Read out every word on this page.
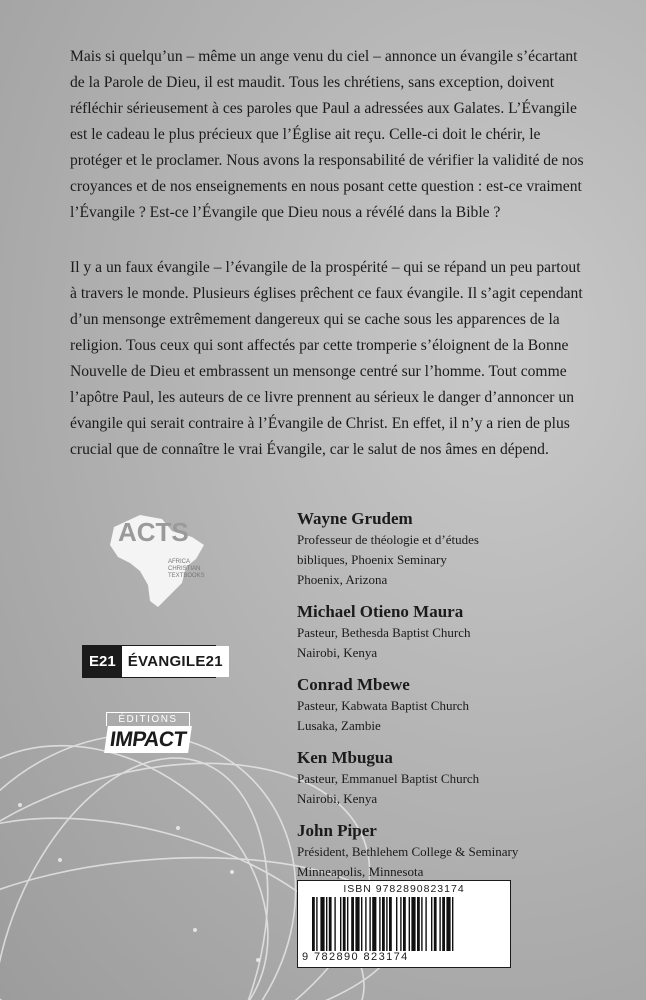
Mais si quelqu’un – même un ange venu du ciel – annonce un évangile s’écartant de la Parole de Dieu, il est maudit. Tous les chrétiens, sans exception, doivent réfléchir sérieusement à ces paroles que Paul a adressées aux Galates. L’Évangile est le cadeau le plus précieux que l’Église ait reçu. Celle-ci doit le chérir, le protéger et le proclamer. Nous avons la responsabilité de vérifier la validité de nos croyances et de nos enseignements en nous posant cette question : est-ce vraiment l’Évangile ? Est-ce l’Évangile que Dieu nous a révélé dans la Bible ?

Il y a un faux évangile – l’évangile de la prospérité – qui se répand un peu partout à travers le monde. Plusieurs églises prêchent ce faux évangile. Il s’agit cependant d’un mensonge extrêmement dangereux qui se cache sous les apparences de la religion. Tous ceux qui sont affectés par cette tromperie s’éloignent de la Bonne Nouvelle de Dieu et embrassent un mensonge centré sur l’homme. Tout comme l’apôtre Paul, les auteurs de ce livre prennent au sérieux le danger d’annoncer un évangile qui serait contraire à l’Évangile de Christ. En effet, il n’y a rien de plus crucial que de connaître le vrai Évangile, car le salut de nos âmes en dépend.

ACTS
AFRICA
CHRISTIAN
TEXTBOOKS
E21 ÉVANGILE21
ÉDITIONS
IMPACT
Wayne Grudem
Professeur de théologie et d’études
bibliques, Phoenix Seminary
Phoenix, Arizona
Michael Otieno Maura
Pasteur, Bethesda Baptist Church
Nairobi, Kenya
Conrad Mbewe
Pasteur, Kabwata Baptist Church
Lusaka, Zambie
Ken Mbugua
Pasteur, Emmanuel Baptist Church
Nairobi, Kenya
John Piper
Président, Bethlehem College & Seminary
Minneapolis, Minnesota
ISBN 9782890823174
9 782890 823174
